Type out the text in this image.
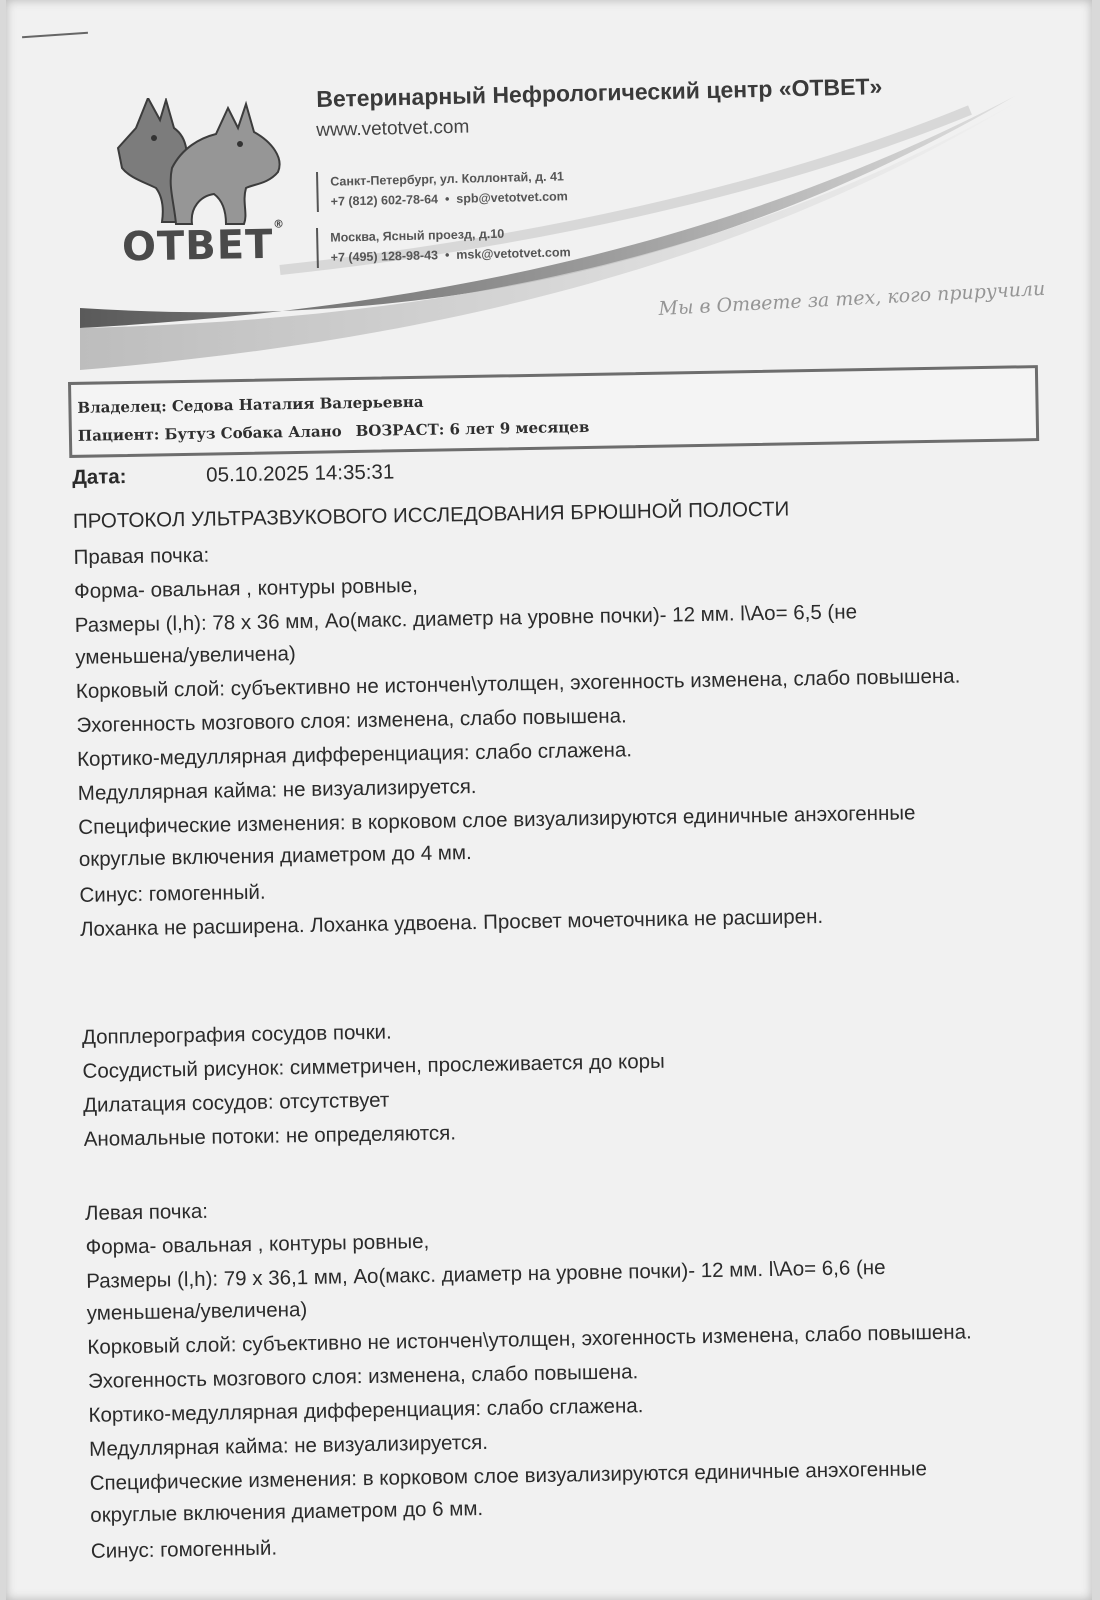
ОТВЕТ®
Ветеринарный Нефрологический центр «ОТВЕТ»
www.vetotvet.com
Санкт-Петербург, ул. Коллонтай, д. 41
+7 (812) 602-78-64 • spb@vetotvet.com
Москва, Ясный проезд, д.10
+7 (495) 128-98-43 • msk@vetotvet.com
Мы в Ответе за тех, кого приручили
Владелец: Седова Наталия Валерьевна
Пациент: Бутуз Собака Алано ВОЗРАСТ: 6 лет 9 месяцев
Дата:	05.10.2025 14:35:31
ПРОТОКОЛ УЛЬТРАЗВУКОВОГО ИССЛЕДОВАНИЯ БРЮШНОЙ ПОЛОСТИ
Правая почка:
Форма- овальная , контуры ровные,
Размеры (l,h): 78 х 36 мм, Ао(макс. диаметр на уровне почки)- 12 мм. l\Ао= 6,5 (не
уменьшена/увеличена)
Корковый слой: субъективно не истончен\утолщен, эхогенность изменена, слабо повышена.
Эхогенность мозгового слоя: изменена, слабо повышена.
Кортико-медуллярная дифференциация: слабо сглажена.
Медуллярная кайма: не визуализируется.
Специфические изменения: в корковом слое визуализируются единичные анэхогенные
округлые включения диаметром до 4 мм.
Синус: гомогенный.
Лоханка не расширена. Лоханка удвоена. Просвет мочеточника не расширен.
Допплерография сосудов почки.
Сосудистый рисунок: симметричен, прослеживается до коры
Дилатация сосудов: отсутствует
Аномальные потоки: не определяются.
Левая почка:
Форма- овальная , контуры ровные,
Размеры (l,h): 79 х 36,1 мм, Ао(макс. диаметр на уровне почки)- 12 мм. l\Ао= 6,6 (не
уменьшена/увеличена)
Корковый слой: субъективно не истончен\утолщен, эхогенность изменена, слабо повышена.
Эхогенность мозгового слоя: изменена, слабо повышена.
Кортико-медуллярная дифференциация: слабо сглажена.
Медуллярная кайма: не визуализируется.
Специфические изменения: в корковом слое визуализируются единичные анэхогенные
округлые включения диаметром до 6 мм.
Синус: гомогенный.
